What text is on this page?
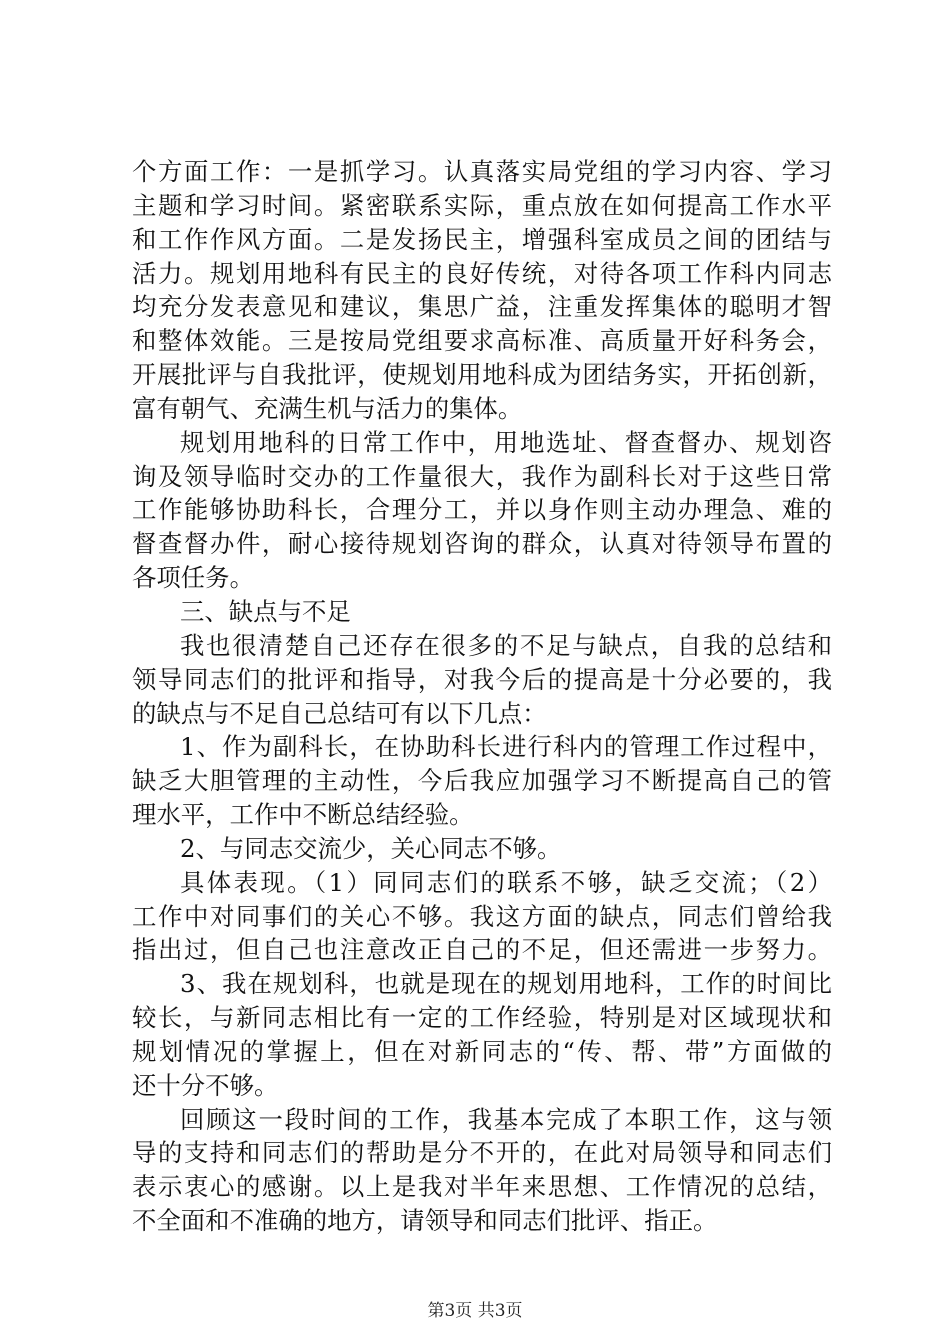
个方面工作：一是抓学习。认真落实局党组的学习内容、学习
主题和学习时间。紧密联系实际，重点放在如何提高工作水平
和工作作风方面。二是发扬民主，增强科室成员之间的团结与
活力。规划用地科有民主的良好传统，对待各项工作科内同志
均充分发表意见和建议，集思广益，注重发挥集体的聪明才智
和整体效能。三是按局党组要求高标准、高质量开好科务会，
开展批评与自我批评，使规划用地科成为团结务实，开拓创新，
富有朝气、充满生机与活力的集体。
规划用地科的日常工作中，用地选址、督查督办、规划咨
询及领导临时交办的工作量很大，我作为副科长对于这些日常
工作能够协助科长，合理分工，并以身作则主动办理急、难的
督查督办件，耐心接待规划咨询的群众，认真对待领导布置的
各项任务。
三、缺点与不足
我也很清楚自己还存在很多的不足与缺点，自我的总结和
领导同志们的批评和指导，对我今后的提高是十分必要的，我
的缺点与不足自己总结可有以下几点：
1、作为副科长，在协助科长进行科内的管理工作过程中，
缺乏大胆管理的主动性，今后我应加强学习不断提高自己的管
理水平，工作中不断总结经验。
2、与同志交流少，关心同志不够。
具体表现。（1）同同志们的联系不够，缺乏交流；（2）
工作中对同事们的关心不够。我这方面的缺点，同志们曾给我
指出过，但自己也注意改正自己的不足，但还需进一步努力。
3、我在规划科，也就是现在的规划用地科，工作的时间比
较长，与新同志相比有一定的工作经验，特别是对区域现状和
规划情况的掌握上，但在对新同志的“传、帮、带”方面做的
还十分不够。
回顾这一段时间的工作，我基本完成了本职工作，这与领
导的支持和同志们的帮助是分不开的，在此对局领导和同志们
表示衷心的感谢。以上是我对半年来思想、工作情况的总结，
不全面和不准确的地方，请领导和同志们批评、指正。
第3页 共3页
